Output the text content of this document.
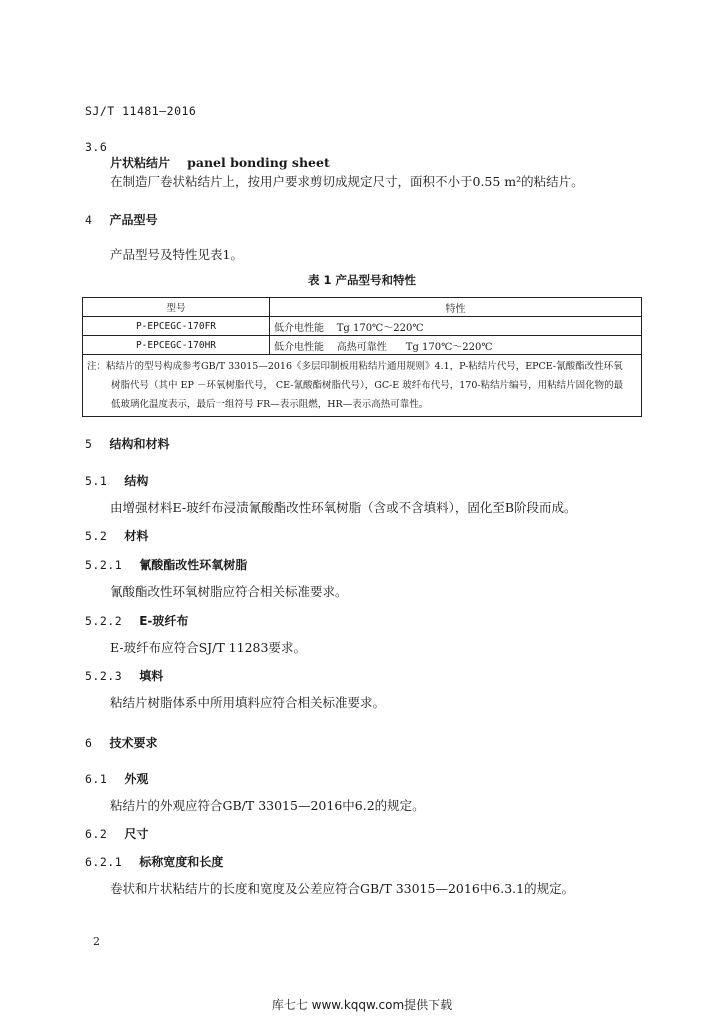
SJ/T 11481—2016
3.6
片状粘结片 panel bonding sheet
在制造厂卷状粘结片上，按用户要求剪切成规定尺寸，面积不小于0.55 m²的粘结片。
4 产品型号
产品型号及特性见表1。
表 1 产品型号和特性
型号	特性
P-EPCEGC-170FR	低介电性能    Tg 170℃～220℃
P-EPCEGC-170HR	低介电性能    高热可靠性      Tg 170℃～220℃
注：粘结片的型号构成参考GB/T 33015—2016《多层印制板用粘结片通用规则》4.1，P-粘结片代号，EPCE-氰酸酯改性环氧树脂代号（其中 EP －环氧树脂代号， CE-氰酸酯树脂代号），GC-E 玻纤布代号，170-粘结片编号，用粘结片固化物的最低玻璃化温度表示，最后一组符号 FR—表示阻燃，HR—表示高热可靠性。	
5 结构和材料
5.1 结构
由增强材料E-玻纤布浸渍氰酸酯改性环氧树脂（含或不含填料），固化至B阶段而成。
5.2 材料
5.2.1 氰酸酯改性环氧树脂
氰酸酯改性环氧树脂应符合相关标准要求。
5.2.2 E-玻纤布
E-玻纤布应符合SJ/T 11283要求。
5.2.3 填料
粘结片树脂体系中所用填料应符合相关标准要求。
6 技术要求
6.1 外观
粘结片的外观应符合GB/T 33015—2016中6.2的规定。
6.2 尺寸
6.2.1 标称宽度和长度
卷状和片状粘结片的长度和宽度及公差应符合GB/T 33015—2016中6.3.1的规定。
2
库七七 www.kqqw.com提供下载
